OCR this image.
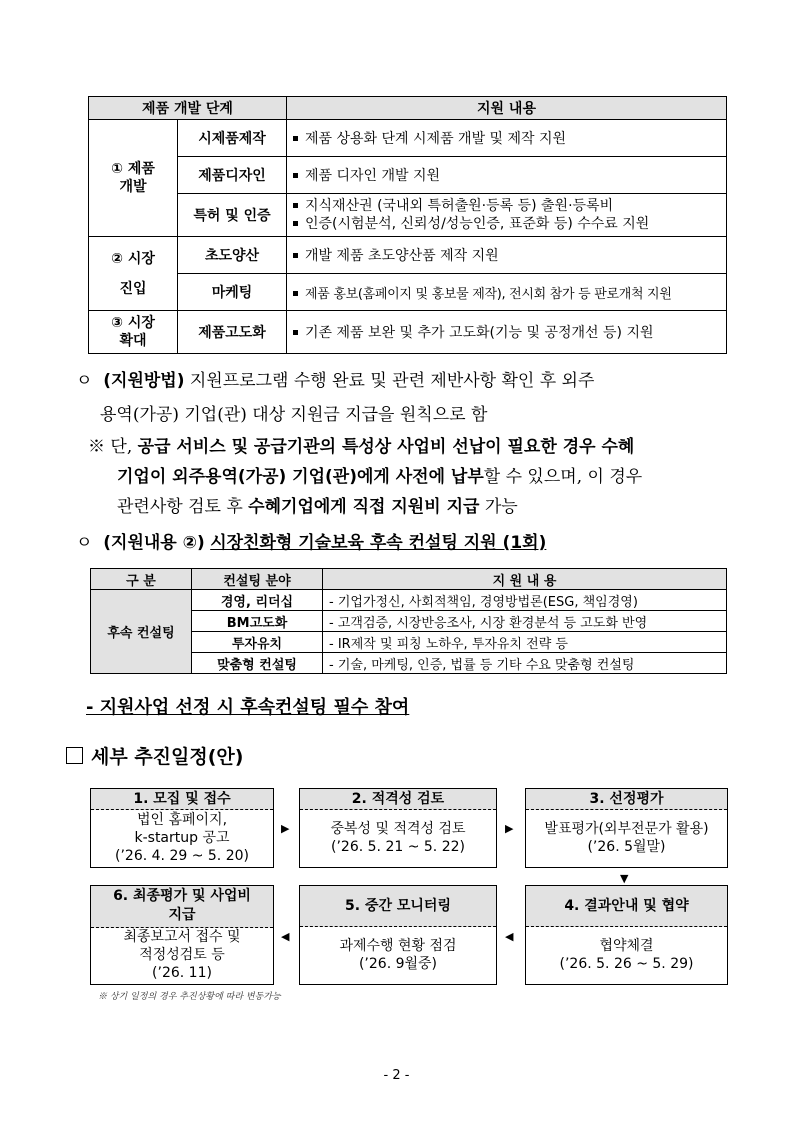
제품 개발 단계		지원 내용

① 제품
개발	시제품제작	제품 상용화 단계 시제품 개발 및 제작 지원
	제품디자인	제품 디자인 개발 지원
	특허 및 인증	지식재산권 (국내외 특허출원·등록 등) 출원·등록비
인증(시험분석, 신뢰성/성능인증, 표준화 등) 수수료 지원

② 시장
진입	초도양산	개발 제품 초도양산품 제작 지원
	마케팅	제품 홍보(홈페이지 및 홍보물 제작), 전시회 참가 등 판로개척 지원

③ 시장
확대	제품고도화	기존 제품 보완 및 추가 고도화(기능 및 공정개선 등) 지원
ㅇ (지원방법) 지원프로그램 수행 완료 및 관련 제반사항 확인 후 외주
용역(가공) 기업(관) 대상 지원금 지급을 원칙으로 함
※ 단, 공급 서비스 및 공급기관의 특성상 사업비 선납이 필요한 경우 수혜
기업이 외주용역(가공) 기업(관)에게 사전에 납부할 수 있으며, 이 경우
관련사항 검토 후 수혜기업에게 직접 지원비 지급 가능
ㅇ (지원내용 ②) 시장친화형 기술보육 후속 컨설팅 지원 (1회)
구 분	컨설팅 분야	지 원 내 용
후속 컨설팅	경영, 리더십	- 기업가정신, 사회적책임, 경영방법론(ESG, 책임경영)
	BM고도화	- 고객검증, 시장반응조사, 시장 환경분석 등 고도화 반영
	투자유치	- IR제작 및 피칭 노하우, 투자유치 전략 등
	맞춤형 컨설팅	- 기술, 마케팅, 인증, 법률 등 기타 수요 맞춤형 컨설팅
- 지원사업 선정 시 후속컨설팅 필수 참여
세부 추진일정(안)
1. 모집 및 접수
법인 홈페이지,
k-startup 공고
(’26. 4. 29 ~ 5. 20)
▶
2. 적격성 검토
중복성 및 적격성 검토
(’26. 5. 21 ~ 5. 22)
▶
3. 선정평가
발표평가(외부전문가 활용)
(’26. 5월말)
▼
6. 최종평가 및 사업비
지급
최종보고서 접수 및
적정성검토 등
(’26. 11)
◀
5. 중간 모니터링
과제수행 현황 점검
(’26. 9월중)
◀
4. 결과안내 및 협약
협약체결
(’26. 5. 26 ~ 5. 29)
※ 상기 일정의 경우 추진상황에 따라 변동가능
- 2 -
